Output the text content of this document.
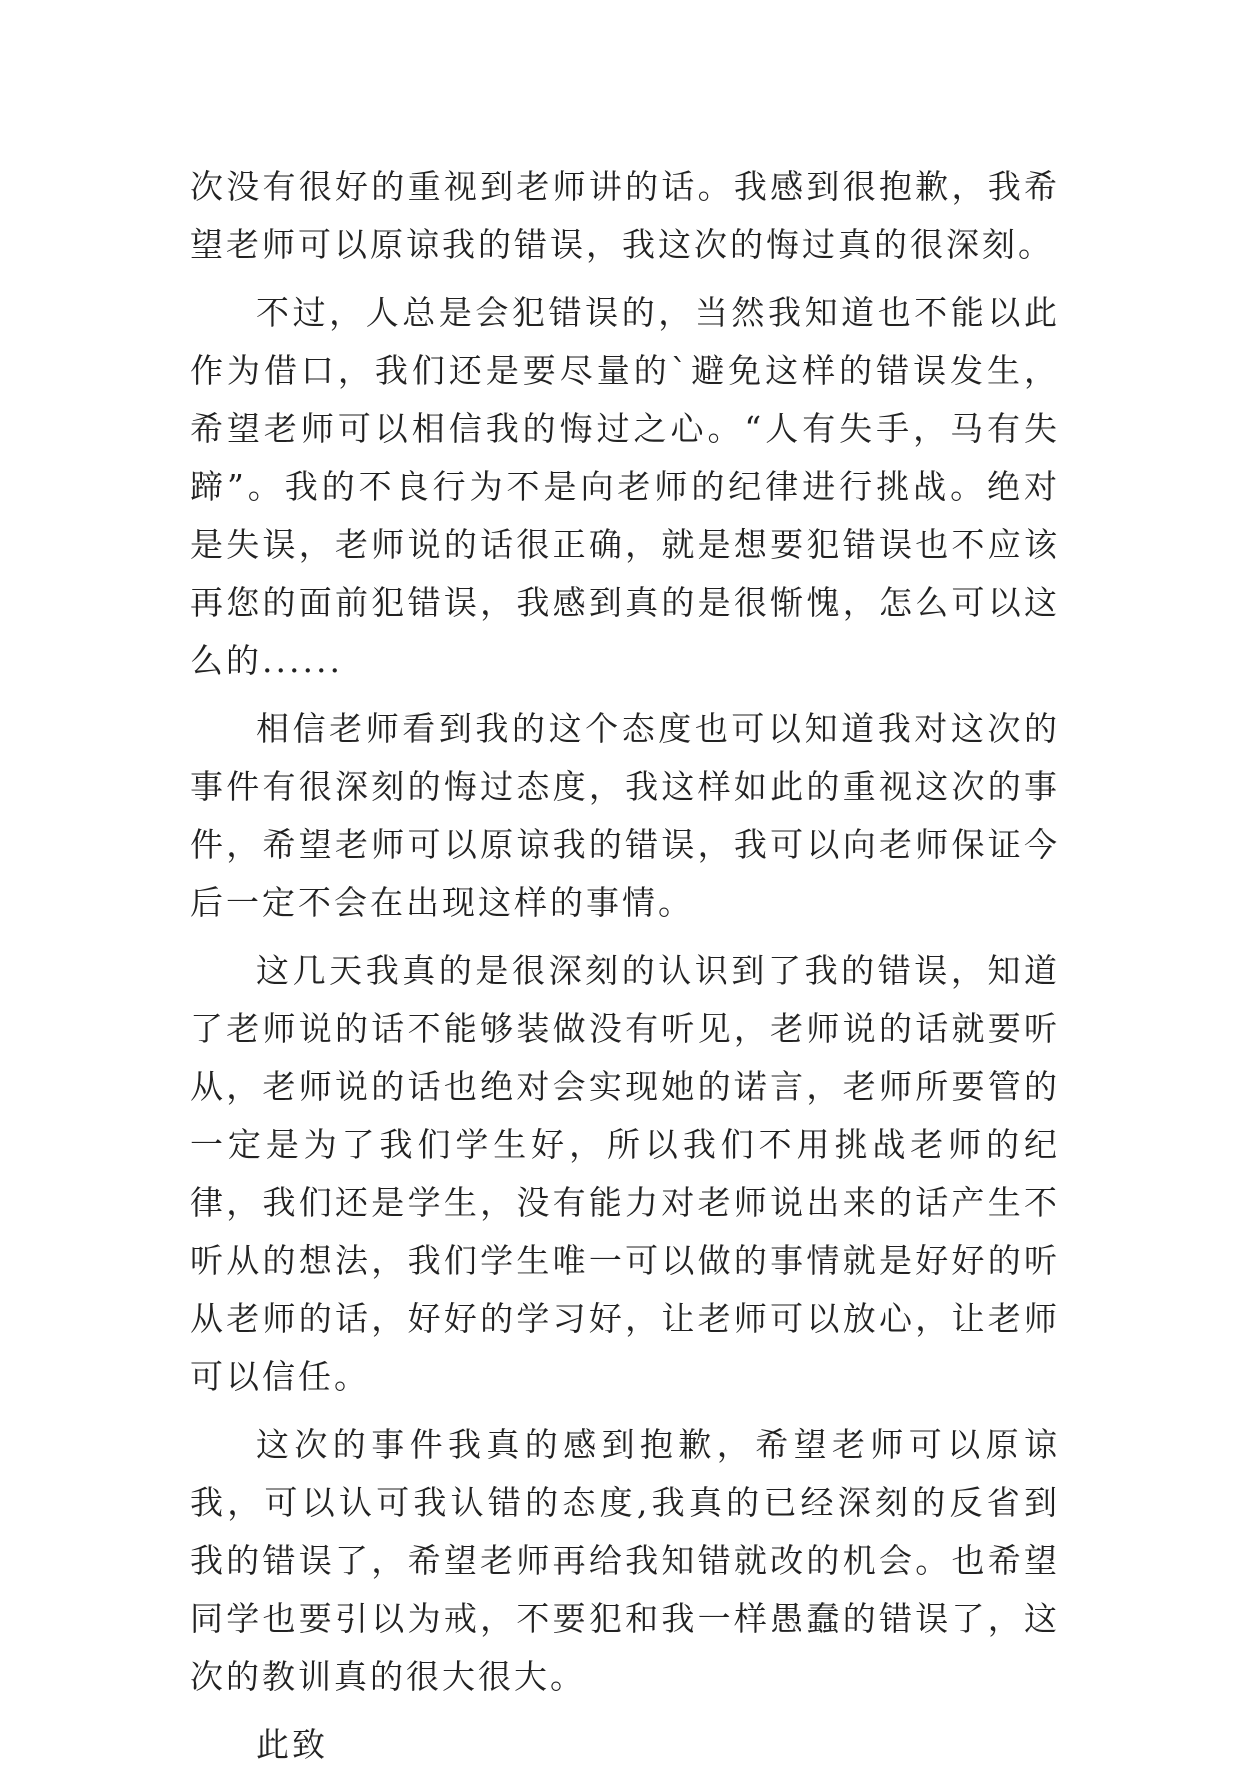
次没有很好的重视到老师讲的话。我感到很抱歉，我希望老师可以原谅我的错误，我这次的悔过真的很深刻。

不过，人总是会犯错误的，当然我知道也不能以此作为借口，我们还是要尽量的`避免这样的错误发生，希望老师可以相信我的悔过之心。“人有失手，马有失蹄”。我的不良行为不是向老师的纪律进行挑战。绝对是失误，老师说的话很正确，就是想要犯错误也不应该再您的面前犯错误，我感到真的是很惭愧，怎么可以这么的......

相信老师看到我的这个态度也可以知道我对这次的事件有很深刻的悔过态度，我这样如此的重视这次的事件，希望老师可以原谅我的错误，我可以向老师保证今后一定不会在出现这样的事情。

这几天我真的是很深刻的认识到了我的错误，知道了老师说的话不能够装做没有听见，老师说的话就要听从，老师说的话也绝对会实现她的诺言，老师所要管的一定是为了我们学生好，所以我们不用挑战老师的纪律，我们还是学生，没有能力对老师说出来的话产生不听从的想法，我们学生唯一可以做的事情就是好好的听从老师的话，好好的学习好，让老师可以放心，让老师可以信任。

这次的事件我真的感到抱歉，希望老师可以原谅我，可以认可我认错的态度,我真的已经深刻的反省到我的错误了，希望老师再给我知错就改的机会。也希望同学也要引以为戒，不要犯和我一样愚蠢的错误了，这次的教训真的很大很大。

此致
